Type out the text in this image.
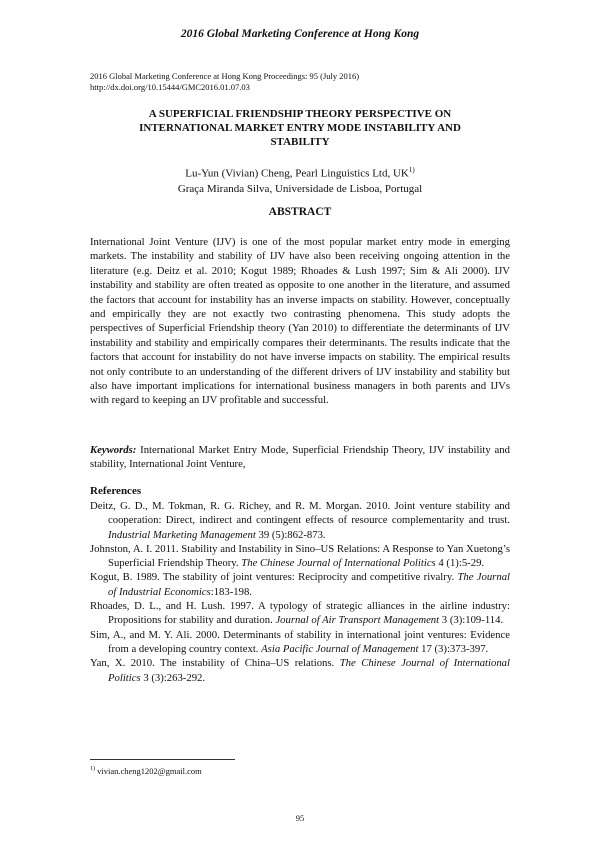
2016 Global Marketing Conference at Hong Kong
2016 Global Marketing Conference at Hong Kong Proceedings: 95 (July 2016)
http://dx.doi.org/10.15444/GMC2016.01.07.03
A SUPERFICIAL FRIENDSHIP THEORY PERSPECTIVE ON
INTERNATIONAL MARKET ENTRY MODE INSTABILITY AND
STABILITY
Lu-Yun (Vivian) Cheng, Pearl Linguistics Ltd, UK$^{1)}$
Graça Miranda Silva, Universidade de Lisboa, Portugal
ABSTRACT

International Joint Venture (IJV) is one of the most popular market entry mode in emerging markets. The instability and stability of IJV have also been receiving ongoing attention in the literature (e.g. Deitz et al. 2010; Kogut 1989; Rhoades & Lush 1997; Sim & Ali 2000). IJV instability and stability are often treated as opposite to one another in the literature, and assumed the factors that account for instability has an inverse impacts on stability. However, conceptually and empirically they are not exactly two contrasting phenomena. This study adopts the perspectives of Superficial Friendship theory (Yan 2010) to differentiate the determinants of IJV instability and stability and empirically compares their determinants. The results indicate that the factors that account for instability do not have inverse impacts on stability. The empirical results not only contribute to an understanding of the different drivers of IJV instability and stability but also have important implications for international business managers in both parents and IJVs with regard to keeping an IJV profitable and successful.

Keywords: International Market Entry Mode, Superficial Friendship Theory, IJV instability and stability, International Joint Venture,

References

Deitz, G. D., M. Tokman, R. G. Richey, and R. M. Morgan. 2010. Joint venture stability and cooperation: Direct, indirect and contingent effects of resource complementarity and trust. Industrial Marketing Management 39 (5):862-873.

Johnston, A. I. 2011. Stability and Instability in Sino–US Relations: A Response to Yan Xuetong’s Superficial Friendship Theory. The Chinese Journal of International Politics 4 (1):5-29.

Kogut, B. 1989. The stability of joint ventures: Reciprocity and competitive rivalry. The Journal of Industrial Economics:183-198.

Rhoades, D. L., and H. Lush. 1997. A typology of strategic alliances in the airline industry: Propositions for stability and duration. Journal of Air Transport Management 3 (3):109-114.

Sim, A., and M. Y. Ali. 2000. Determinants of stability in international joint ventures: Evidence from a developing country context. Asia Pacific Journal of Management 17 (3):373-397.

Yan, X. 2010. The instability of China–US relations. The Chinese Journal of International Politics 3 (3):263-292.

$^{1)}$ vivian.cheng1202@gmail.com
95
